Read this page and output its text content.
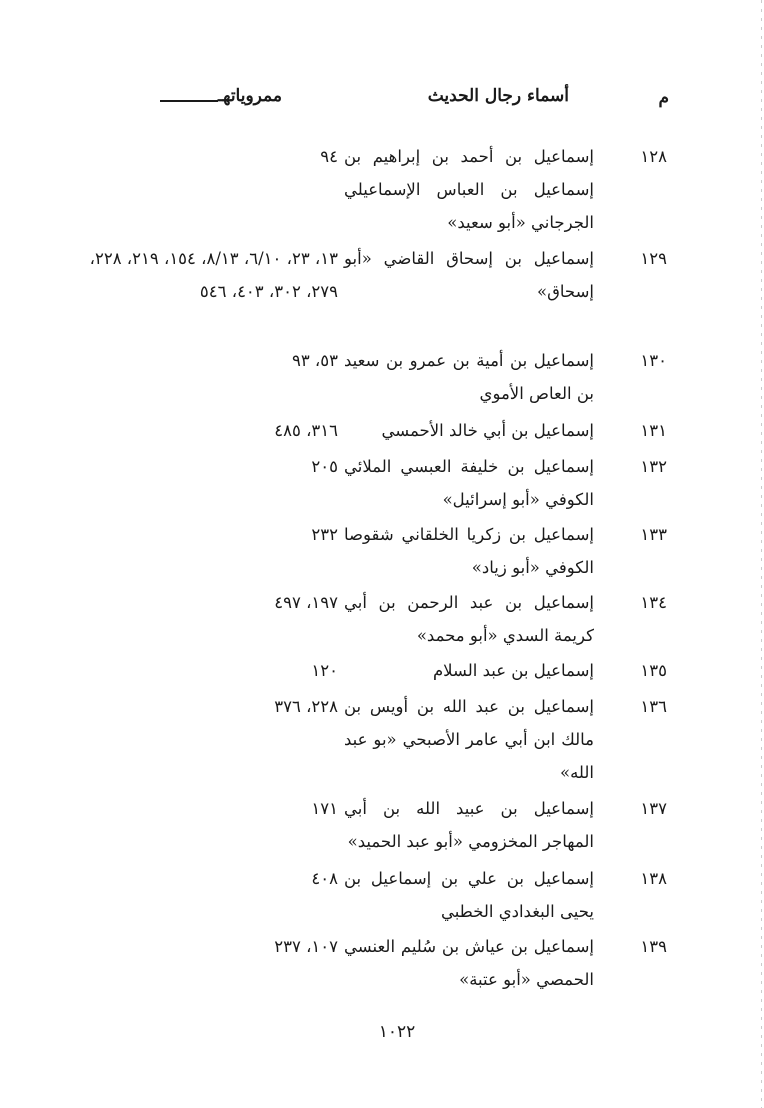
م
أسماء رجال الحديث
ممروياتهـ
١٢٨
إسماعيل بن أحمد بن إبراهيم بن إسماعيل بن العباس الإسماعيلي الجرجاني «أبو سعيد»
٩٤
١٢٩
إسماعيل بن إسحاق القاضي «أبو إسحاق»
١٣، ٢٣، ٦/١٠، ٨/١٣، ١٥٤، ٢١٩، ٢٢٨، ٢٧٩، ٣٠٢، ٤٠٣، ٥٤٦
١٣٠
إسماعيل بن أمية بن عمرو بن سعيد بن العاص الأموي
٥٣، ٩٣
١٣١
إسماعيل بن أبي خالد الأحمسي
٣١٦، ٤٨٥
١٣٢
إسماعيل بن خليفة العبسي الملائي الكوفي «أبو إسرائيل»
٢٠٥
١٣٣
إسماعيل بن زكريا الخلقاني شقوصا الكوفي «أبو زياد»
٢٣٢
١٣٤
إسماعيل بن عبد الرحمن بن أبي كريمة السدي «أبو محمد»
١٩٧، ٤٩٧
١٣٥
إسماعيل بن عبد السلام
١٢٠
١٣٦
إسماعيل بن عبد الله بن أويس بن مالك ابن أبي عامر الأصبحي «بو عبد الله»
٢٢٨، ٣٧٦
١٣٧
إسماعيل بن عبيد الله بن أبي المهاجر المخزومي «أبو عبد الحميد»
١٧١
١٣٨
إسماعيل بن علي بن إسماعيل بن يحيى البغدادي الخطبي
٤٠٨
١٣٩
إسماعيل بن عياش بن سُليم العنسي الحمصي «أبو عتبة»
١٠٧، ٢٣٧
١٠٢٢
